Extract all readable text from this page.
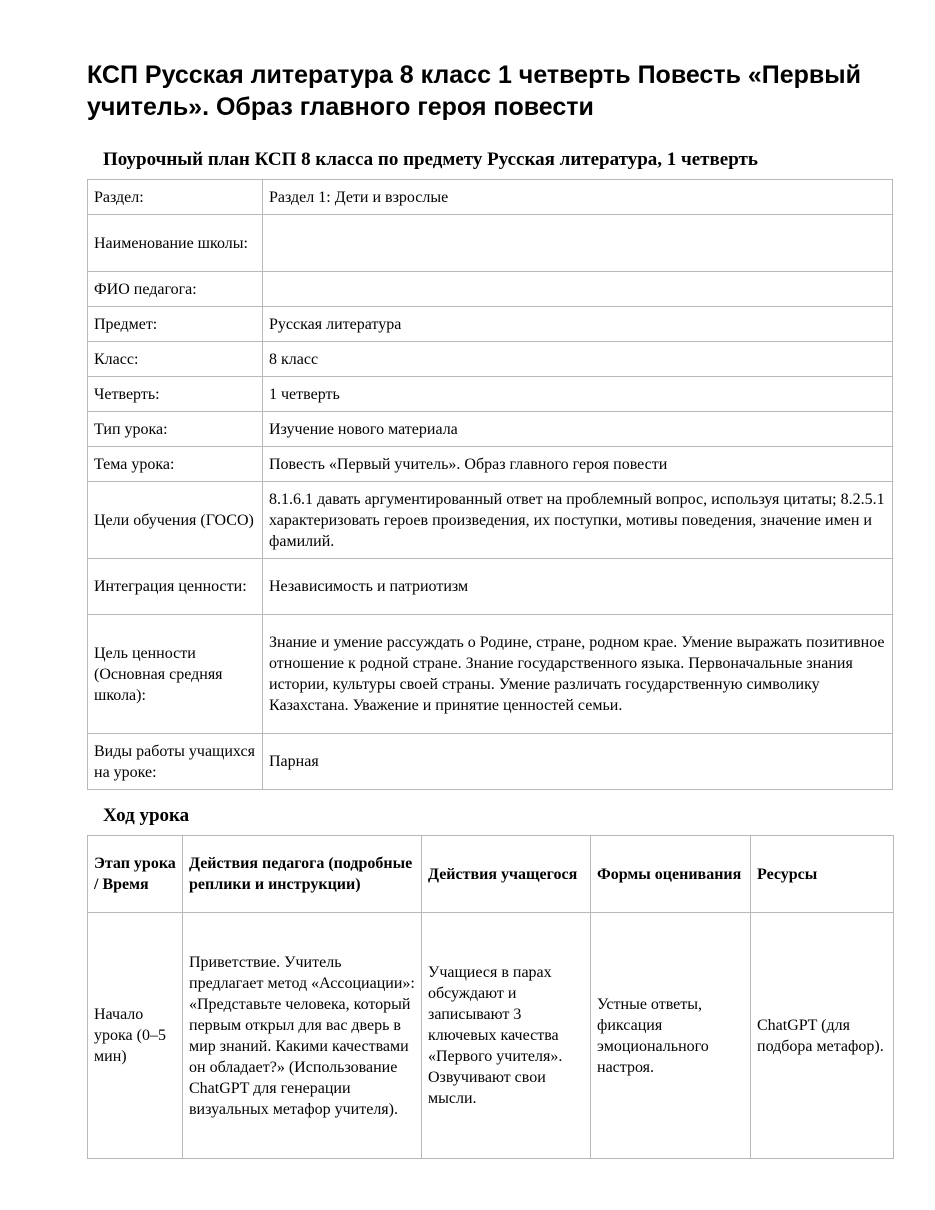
КСП Русская литература 8 класс 1 четверть Повесть «Первый учитель». Образ главного героя повести
Поурочный план КСП 8 класса по предмету Русская литература, 1 четверть
Раздел:	Раздел 1: Дети и взрослые
Наименование школы:	
ФИО педагога:	
Предмет:	Русская литература
Класс:	8 класс
Четверть:	1 четверть
Тип урока:	Изучение нового материала
Тема урока:	Повесть «Первый учитель». Образ главного героя повести
Цели обучения (ГОСО)	8.1.6.1 давать аргументированный ответ на проблемный вопрос, используя цитаты; 8.2.5.1 характеризовать героев произведения, их поступки, мотивы поведения, значение имен и фамилий.
Интеграция ценности:	Независимость и патриотизм
Цель ценности (Основная средняя школа):	Знание и умение рассуждать о Родине, стране, родном крае. Умение выражать позитивное отношение к родной стране. Знание государственного языка. Первоначальные знания истории, культуры своей страны. Умение различать государственную символику Казахстана. Уважение и принятие ценностей семьи.
Виды работы учащихся на уроке:	Парная
Ход урока
Этап урока / Время	Действия педагога (подробные реплики и инструкции)	Действия учащегося	Формы оценивания	Ресурсы
Начало урока (0–5 мин)	Приветствие. Учитель предлагает метод «Ассоциации»: «Представьте человека, который первым открыл для вас дверь в мир знаний. Какими качествами он обладает?» (Использование ChatGPT для генерации визуальных метафор учителя).	Учащиеся в парах обсуждают и записывают 3 ключевых качества «Первого учителя». Озвучивают свои мысли.	Устные ответы, фиксация эмоционального настроя.	ChatGPT (для подбора метафор).
